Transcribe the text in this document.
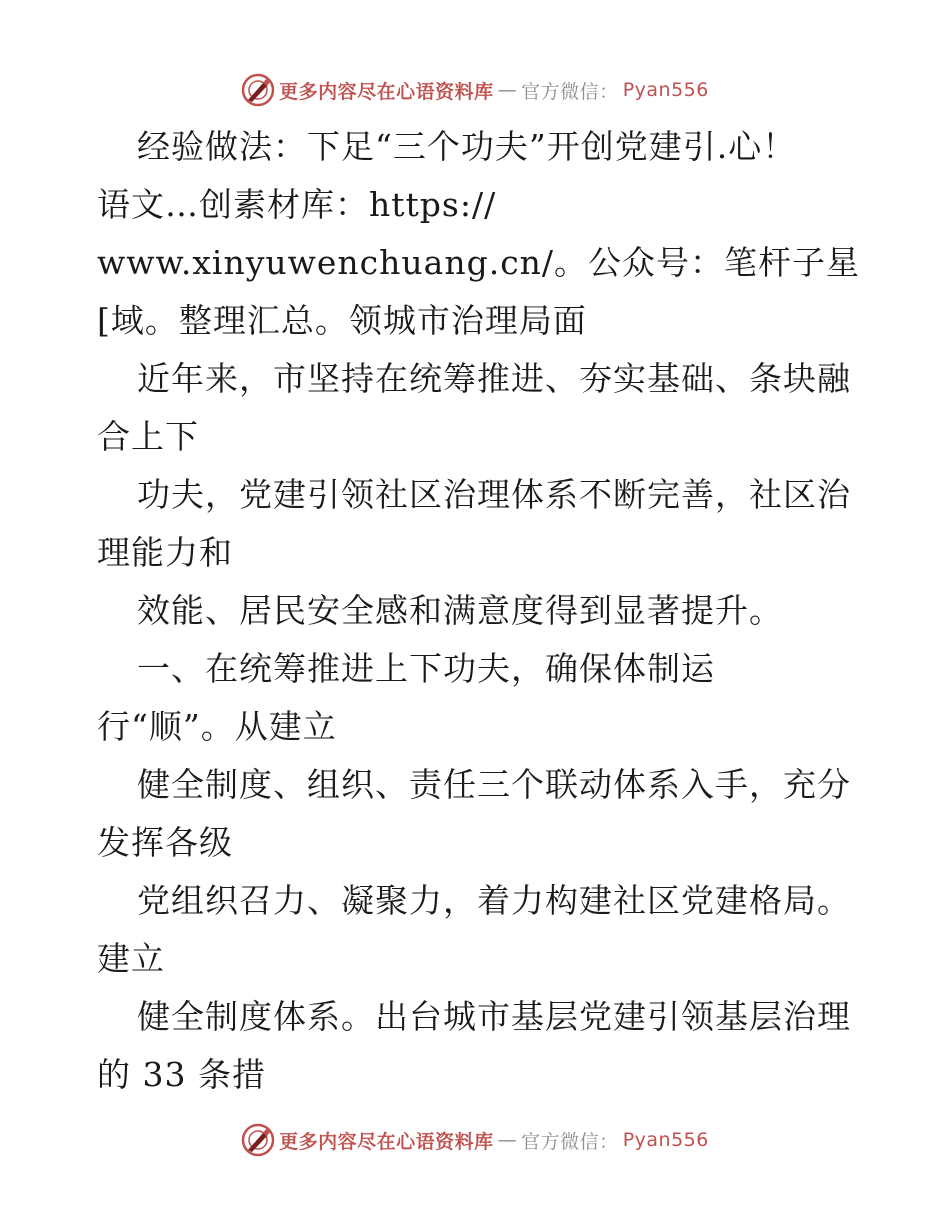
更多内容尽在心语资料库 — 官方微信： Pyan556
经验做法：下足“三个功夫”开创党建引.心！
语文…创素材库：https://
www.xinyuwenchuang.cn/。公众号：笔杆子星
[域。整理汇总。领城市治理局面
近年来，市坚持在统筹推进、夯实基础、条块融
合上下
功夫，党建引领社区治理体系不断完善，社区治
理能力和
效能、居民安全感和满意度得到显著提升。
一、在统筹推进上下功夫，确保体制运
行“顺”。从建立
健全制度、组织、责任三个联动体系入手，充分
发挥各级
党组织召力、凝聚力，着力构建社区党建格局。
建立
健全制度体系。出台城市基层党建引领基层治理
的 33 条措
更多内容尽在心语资料库 — 官方微信： Pyan556
